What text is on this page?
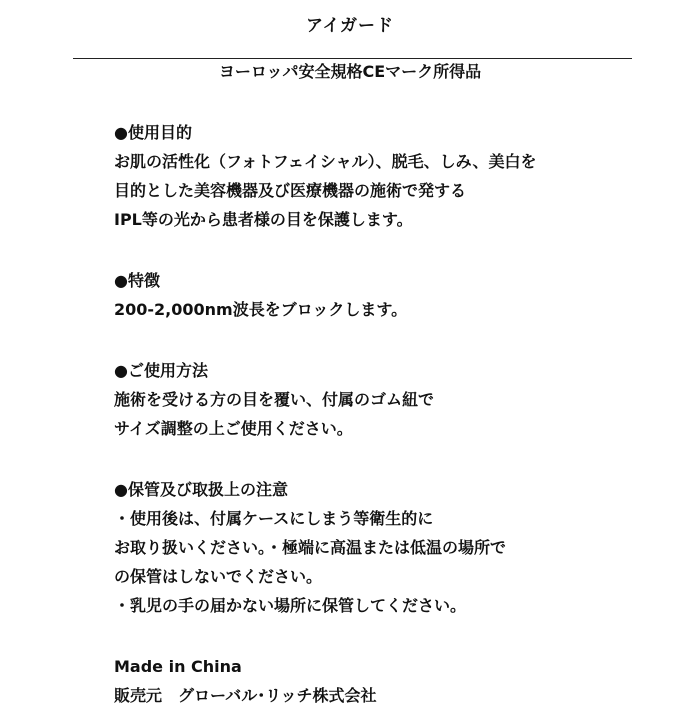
アイガード
ヨーロッパ安全規格CEマーク所得品
●使用目的
お肌の活性化（フォトフェイシャル）、脱毛、しみ、美白を
目的とした美容機器及び医療機器の施術で発する
IPL等の光から患者様の目を保護します。
●特徴
200-2,000nm波長をブロックします。
●ご使用方法
施術を受ける方の目を覆い、付属のゴム紐で
サイズ調整の上ご使用ください。
●保管及び取扱上の注意
・使用後は、付属ケースにしまう等衛生的に
お取り扱いください。・極端に高温または低温の場所で
の保管はしないでください。
・乳児の手の届かない場所に保管してください。
Made in China
販売元　グローバル･リッチ株式会社
